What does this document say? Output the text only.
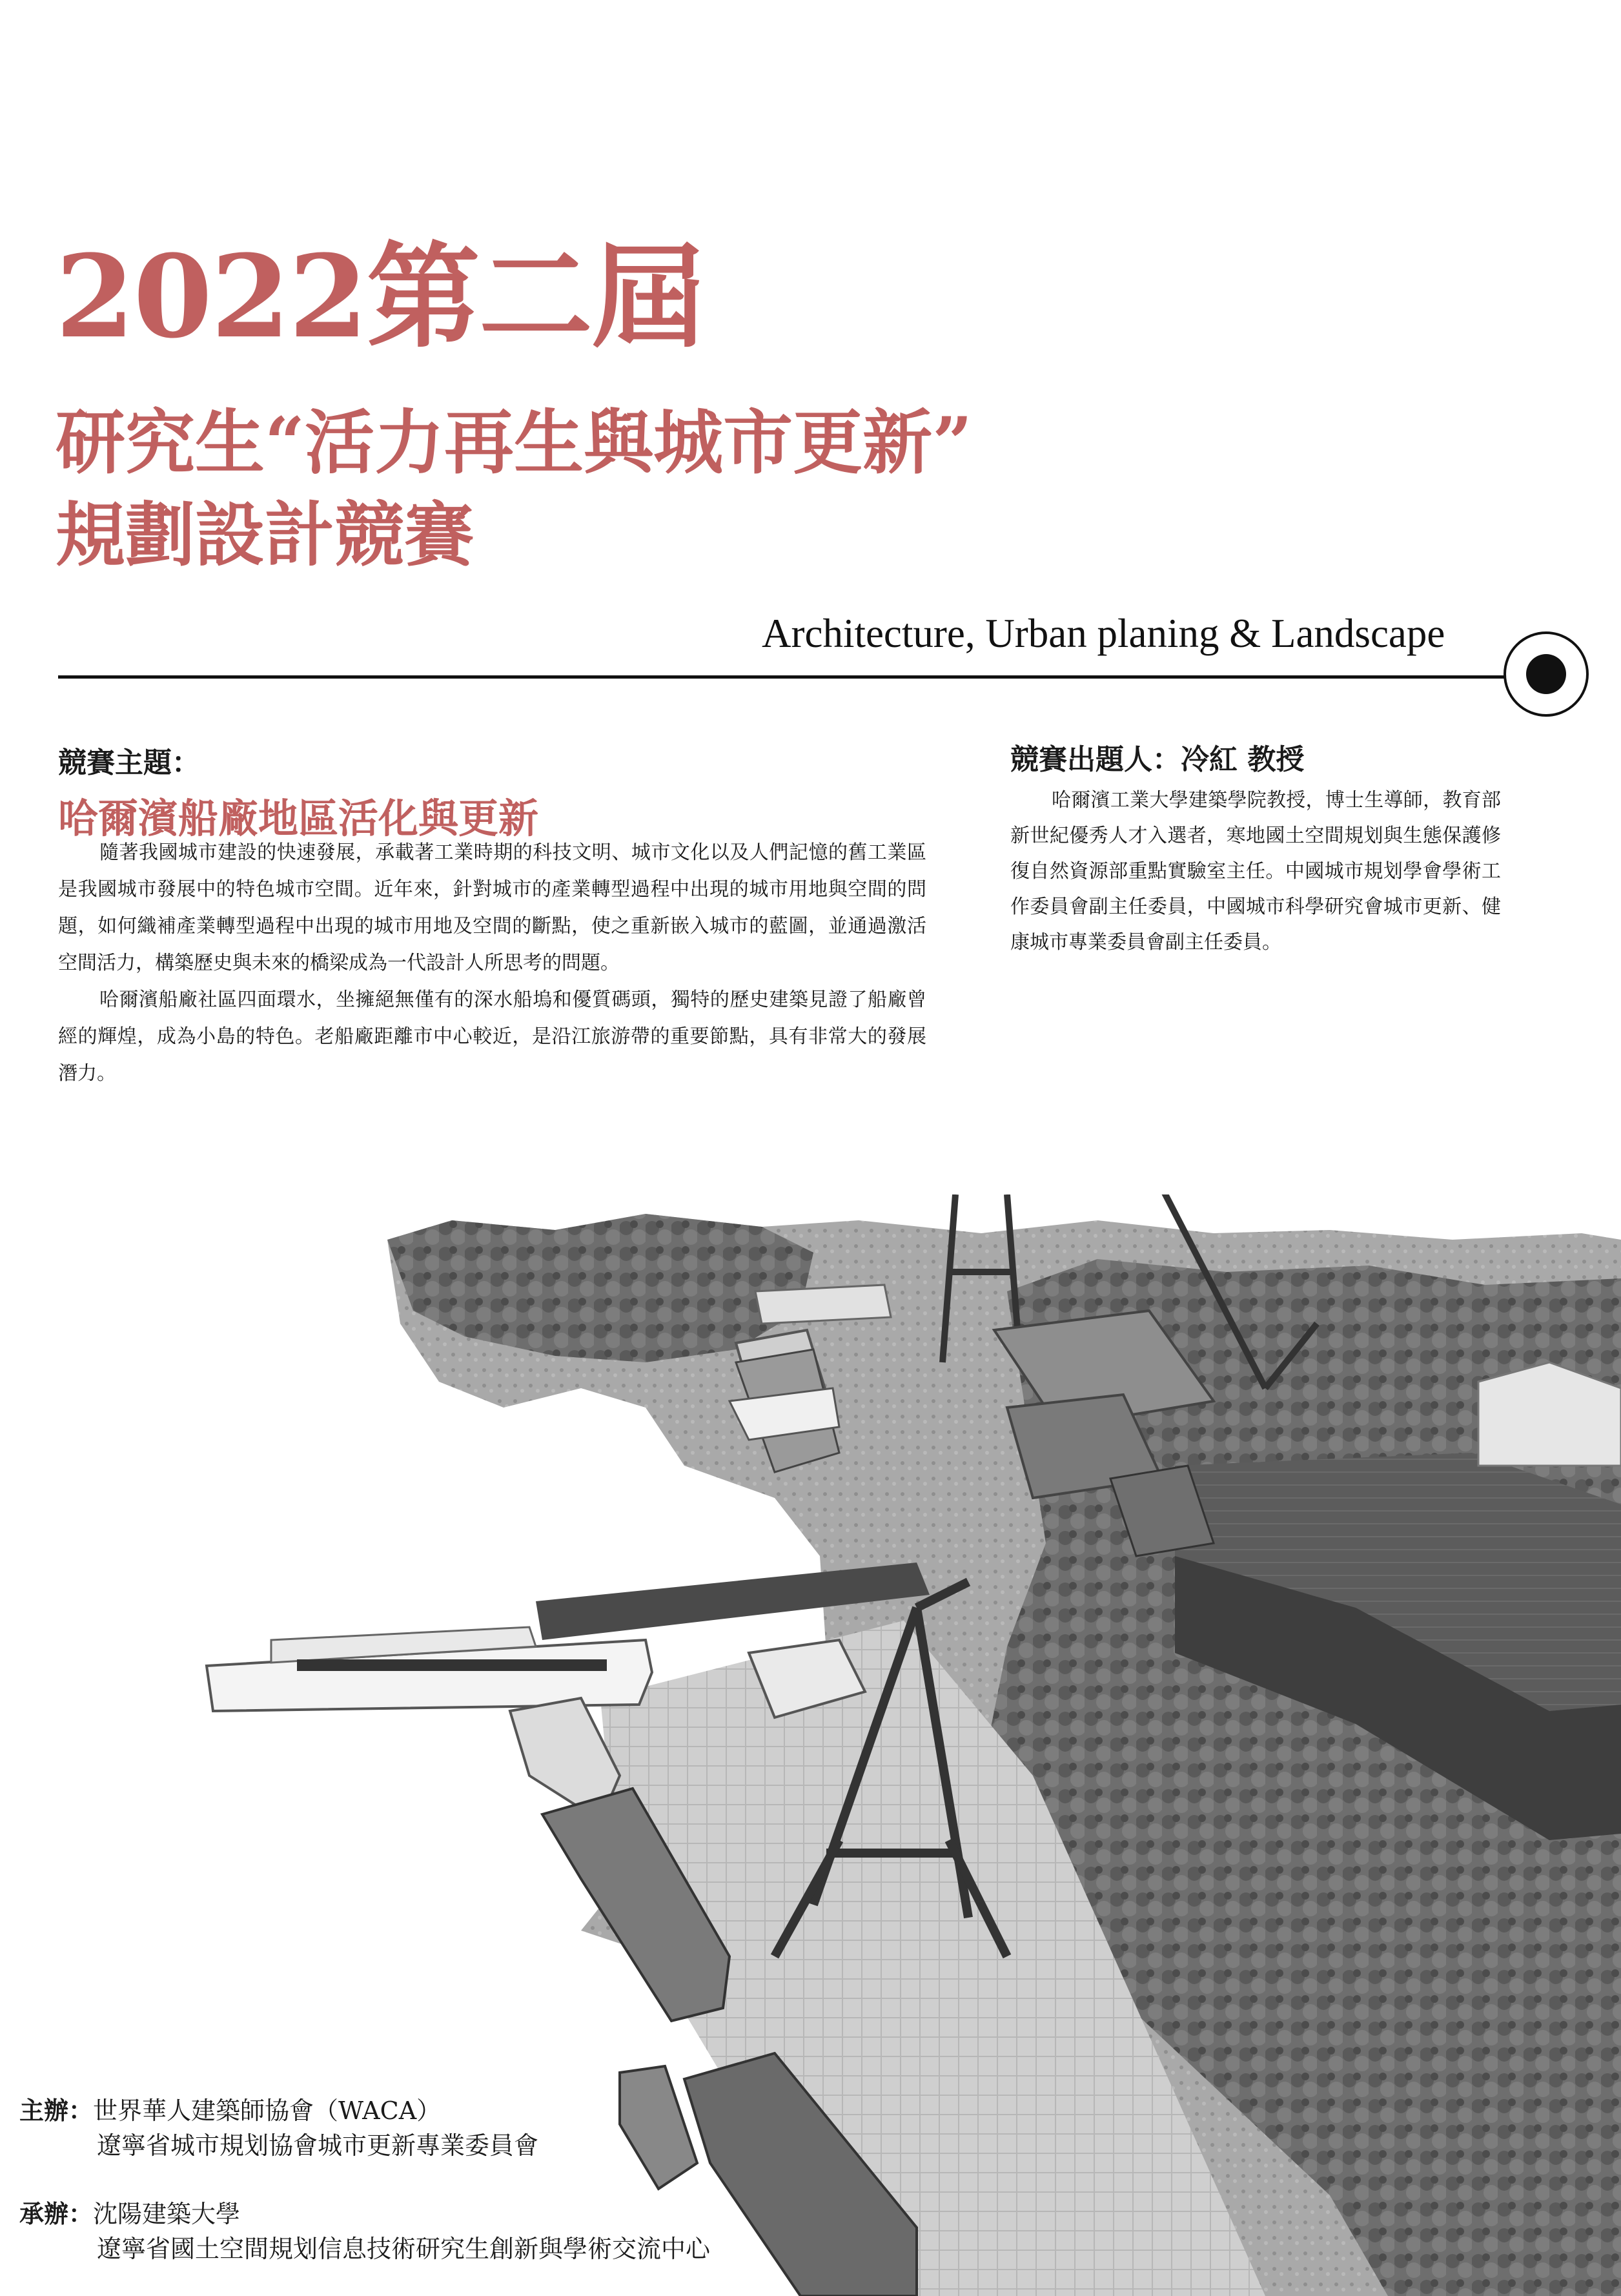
2022第二屆
研究生“活力再生與城市更新”
規劃設計競賽
Architecture, Urban planing & Landscape
競賽主題：
哈爾濱船廠地區活化與更新

隨著我國城市建設的快速發展，承載著工業時期的科技文明、城市文化以及人們記憶的舊工業區是我國城市發展中的特色城市空間。近年來，針對城市的產業轉型過程中出現的城市用地與空間的問題，如何織補產業轉型過程中出現的城市用地及空間的斷點，使之重新嵌入城市的藍圖，並通過激活空間活力，構築歷史與未來的橋梁成為一代設計人所思考的問題。

哈爾濱船廠社區四面環水，坐擁絕無僅有的深水船塢和優質碼頭，獨特的歷史建築見證了船廠曾經的輝煌，成為小島的特色。老船廠距離市中心較近，是沿江旅游帶的重要節點，具有非常大的發展潛力。

競賽出題人：冷紅 教授
哈爾濱工業大學建築學院教授，博士生導師，教育部新世紀優秀人才入選者，寒地國土空間規划與生態保護修復自然資源部重點實驗室主任。中國城市規划學會學術工作委員會副主任委員，中國城市科學研究會城市更新、健康城市專業委員會副主任委員。
主辦：世界華人建築師協會（WACA）
遼寧省城市規划協會城市更新專業委員會
承辦：沈陽建築大學
遼寧省國土空間規划信息技術研究生創新與學術交流中心
